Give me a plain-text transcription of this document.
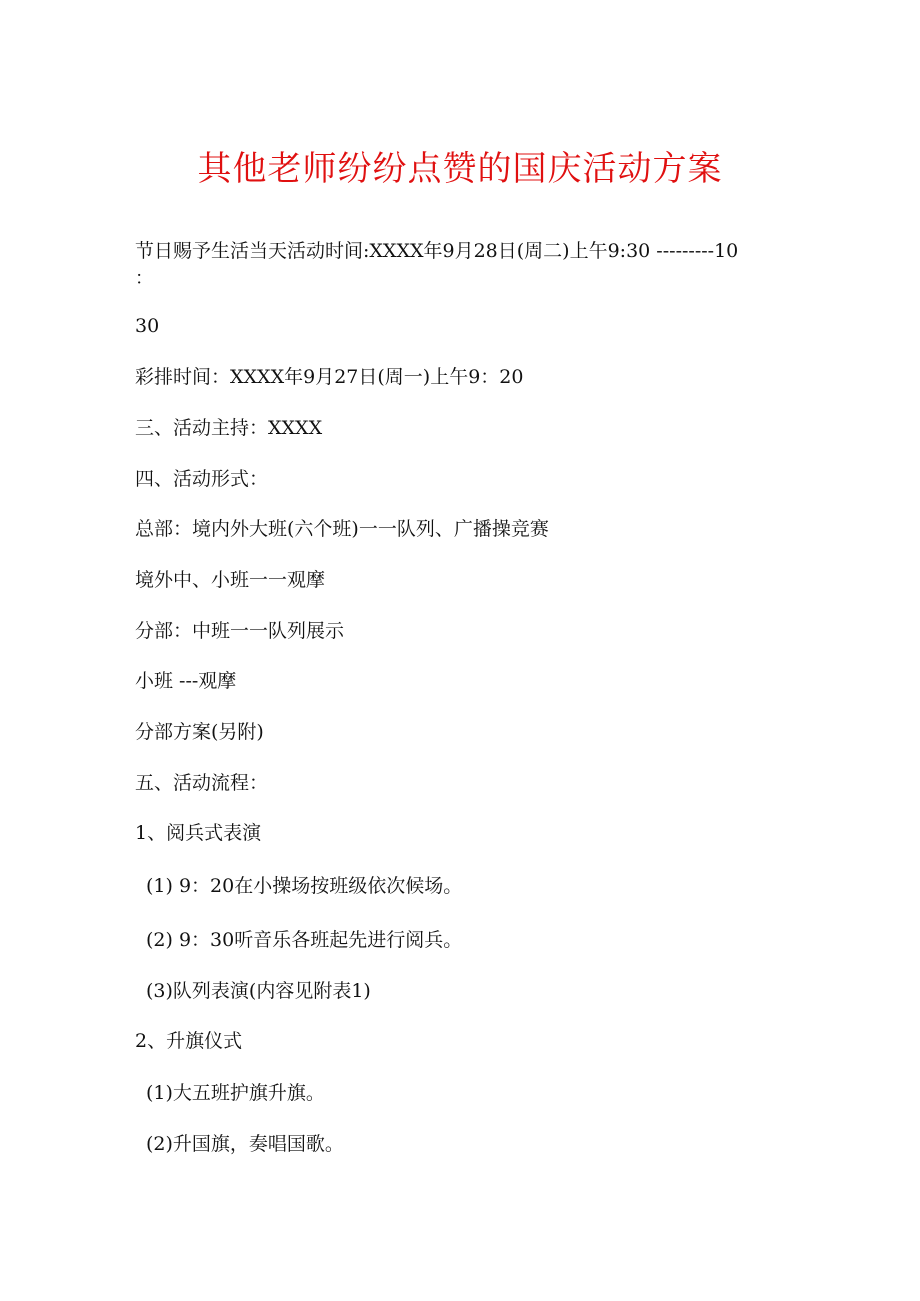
其他老师纷纷点赞的国庆活动方案
节日赐予生活当天活动时间:XXXX年9月28日(周二)上午9:30 ---------10
：
30
彩排时间：XXXX年9月27日(周一)上午9：20
三、活动主持：XXXX
四、活动形式：
总部：境内外大班(六个班)一一队列、广播操竞赛
境外中、小班一一观摩
分部：中班一一队列展示
小班 ---观摩
分部方案(另附)
五、活动流程：
1、阅兵式表演
(1) 9：20在小操场按班级依次候场。
(2) 9：30听音乐各班起先进行阅兵。
(3)队列表演(内容见附表1)
2、升旗仪式
(1)大五班护旗升旗。
(2)升国旗，奏唱国歌。
